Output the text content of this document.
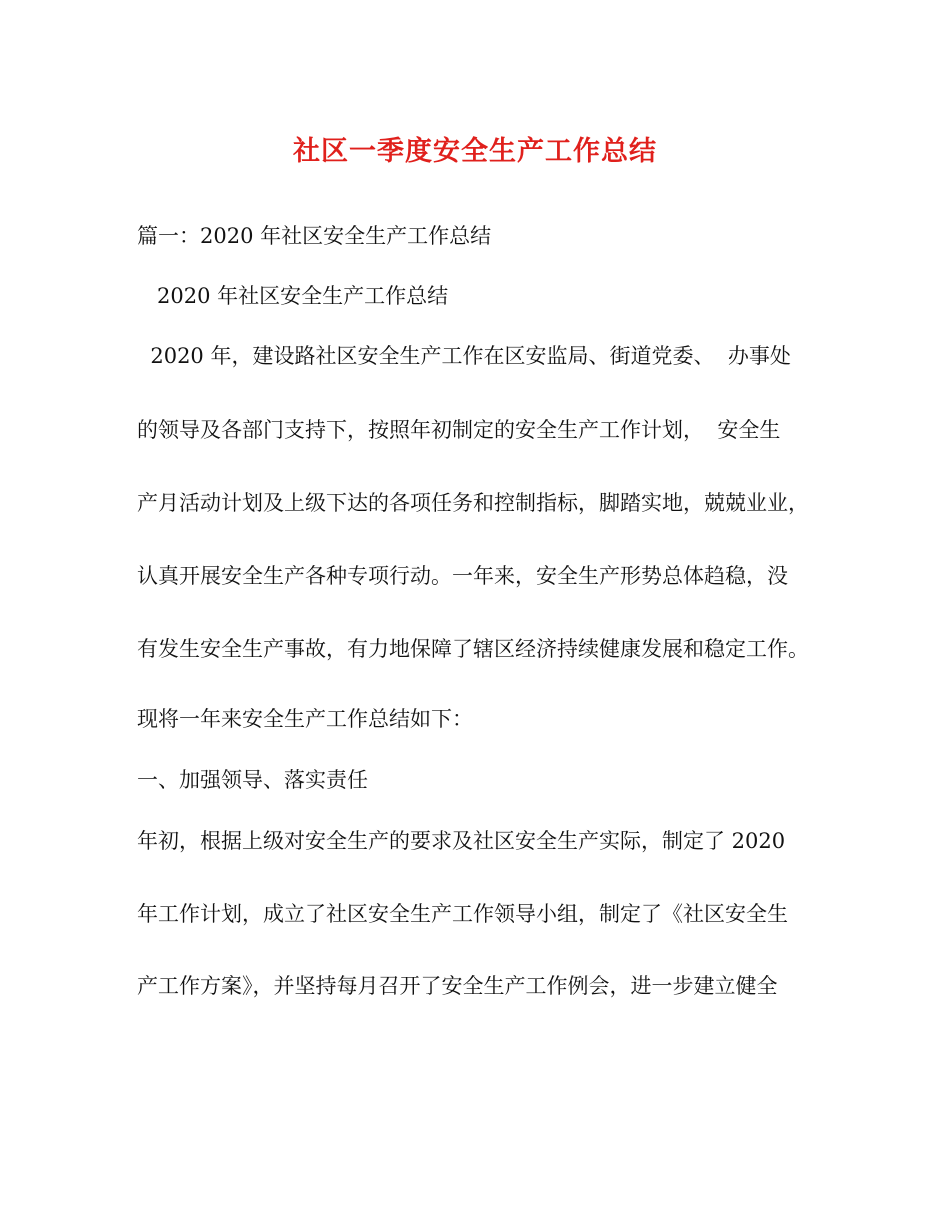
社区一季度安全生产工作总结
篇一：2020 年社区安全生产工作总结
2020 年社区安全生产工作总结
2020 年，建设路社区安全生产工作在区安监局、街道党委、  办事处
的领导及各部门支持下，按照年初制定的安全生产工作计划，  安全生
产月活动计划及上级下达的各项任务和控制指标，脚踏实地，兢兢业业，
认真开展安全生产各种专项行动。一年来，安全生产形势总体趋稳，没
有发生安全生产事故，有力地保障了辖区经济持续健康发展和稳定工作。
现将一年来安全生产工作总结如下：
一、加强领导、落实责任
年初，根据上级对安全生产的要求及社区安全生产实际，制定了 2020
年工作计划，成立了社区安全生产工作领导小组，制定了《社区安全生
产工作方案》，并坚持每月召开了安全生产工作例会，进一步建立健全
